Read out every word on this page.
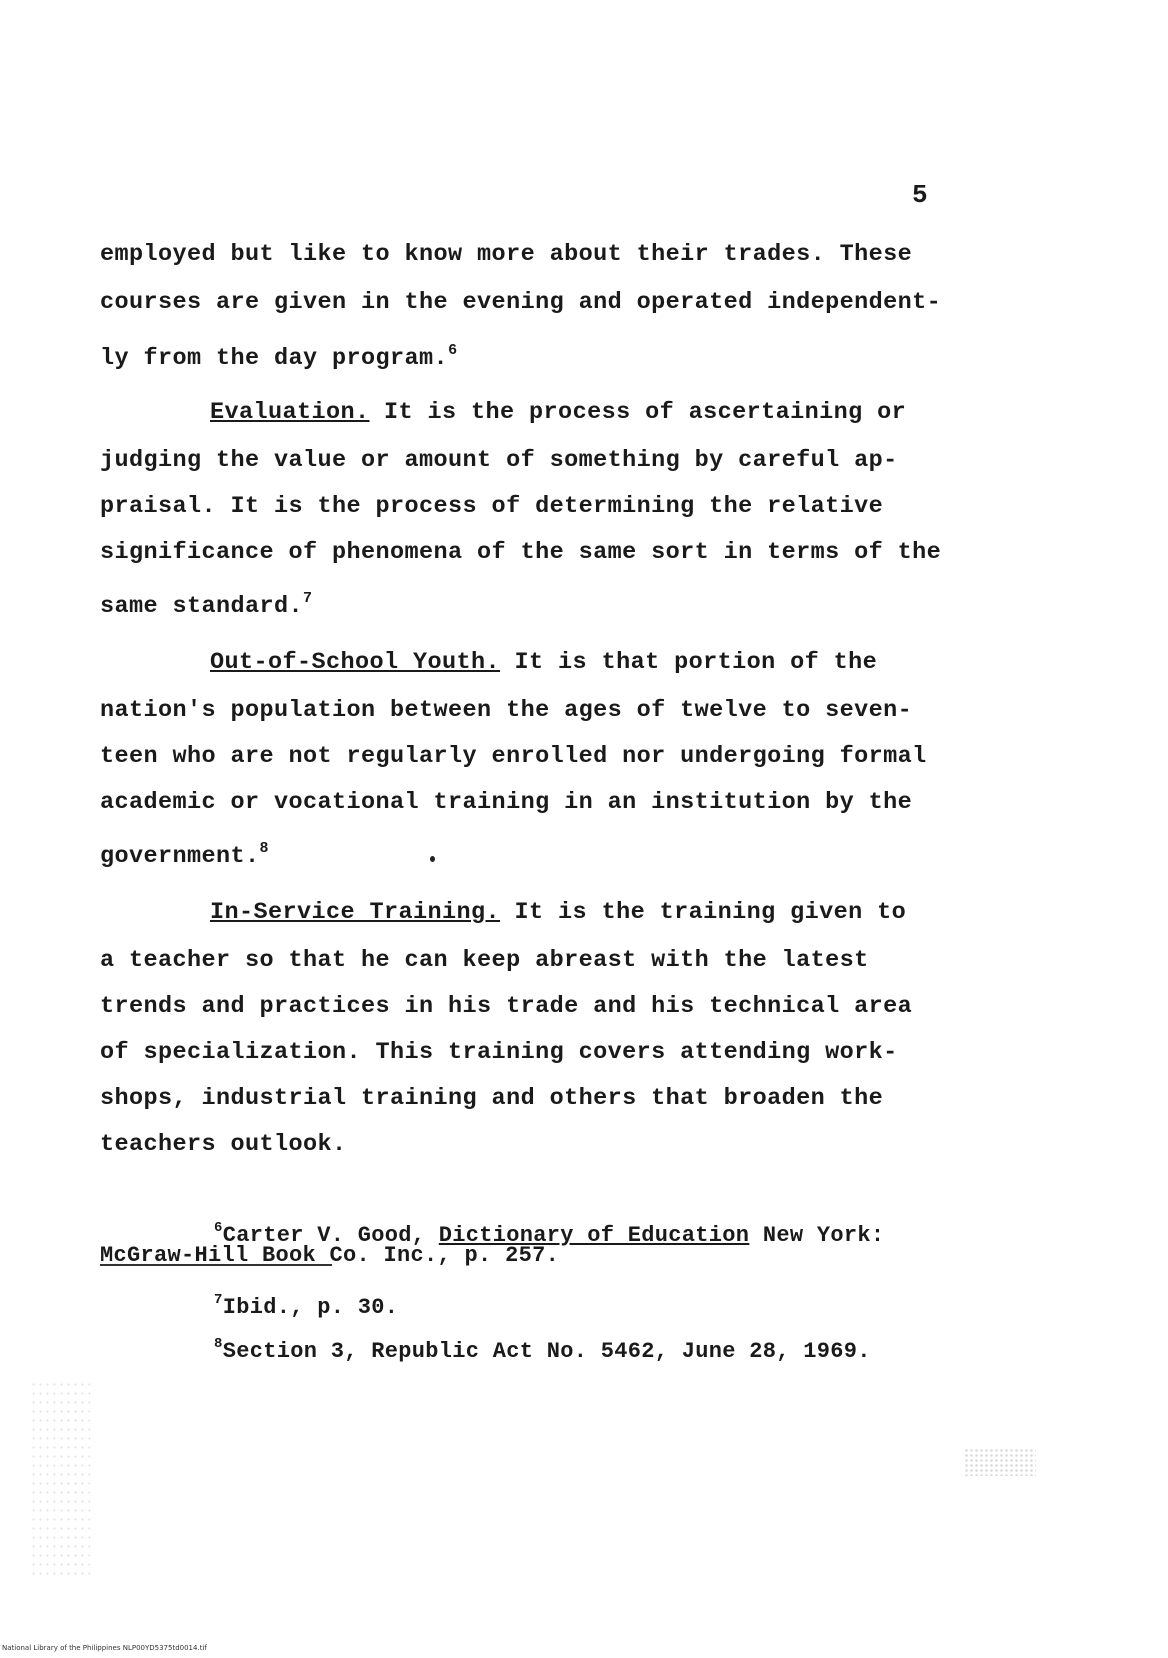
5
employed but like to know more about their trades. These
courses are given in the evening and operated independent-
ly from the day program.$^6$
Evaluation. It is the process of ascertaining or
judging the value or amount of something by careful ap-
praisal. It is the process of determining the relative
significance of phenomena of the same sort in terms of the
same standard.$^7$
Out-of-School Youth. It is that portion of the
nation's population between the ages of twelve to seven-
teen who are not regularly enrolled nor undergoing formal
academic or vocational training in an institution by the
government.$^8$
In-Service Training. It is the training given to
a teacher so that he can keep abreast with the latest
trends and practices in his trade and his technical area
of specialization. This training covers attending work-
shops, industrial training and others that broaden the
teachers outlook.
$^6$Carter V. Good, Dictionary of Education New York:
McGraw-Hill Book Co. Inc., p. 257.
$^7$Ibid., p. 30.
$^8$Section 3, Republic Act No. 5462, June 28, 1969.
National Library of the Philippines NLP00YD5375td0014.tif
